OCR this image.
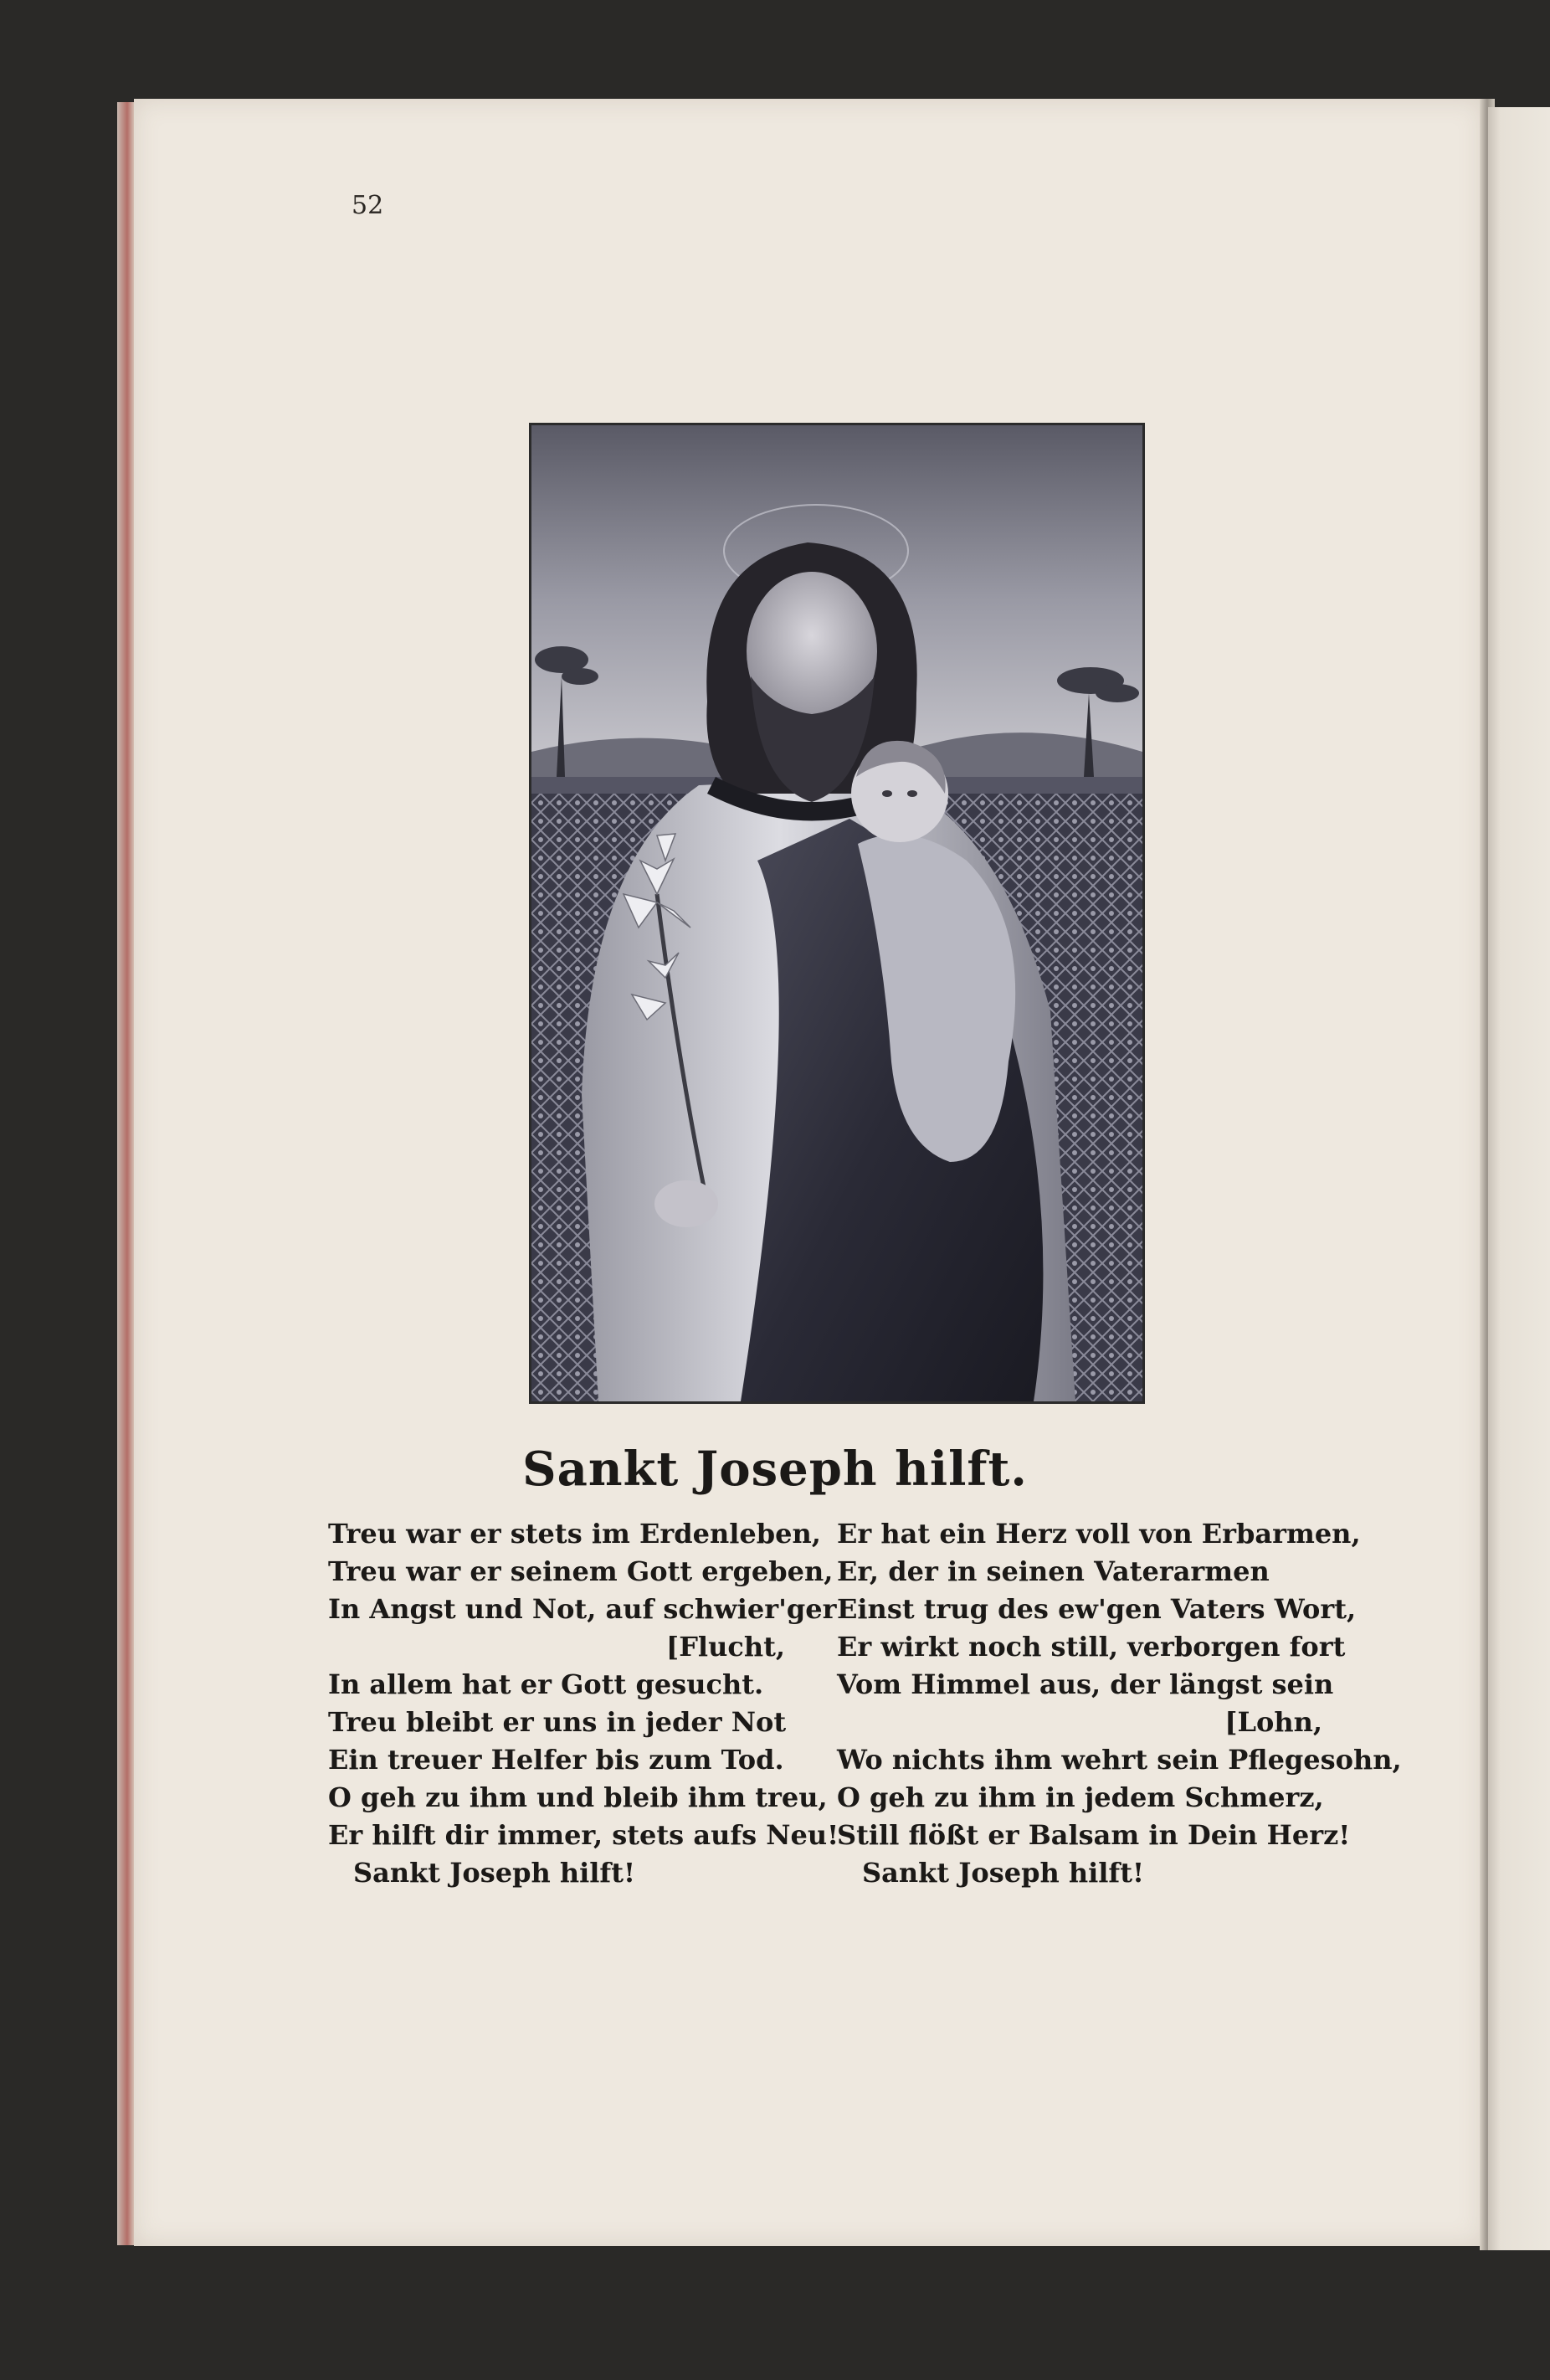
52
Sankt Joseph hilft.
Treu war er stets im Erdenleben,
Treu war er seinem Gott ergeben,
In Angst und Not, auf schwier'ger
[Flucht,
In allem hat er Gott gesucht.
Treu bleibt er uns in jeder Not
Ein treuer Helfer bis zum Tod.
O geh zu ihm und bleib ihm treu,
Er hilft dir immer, stets aufs Neu!
Sankt Joseph hilft!
Er hat ein Herz voll von Erbarmen,
Er, der in seinen Vaterarmen
Einst trug des ew'gen Vaters Wort,
Er wirkt noch still, verborgen fort
Vom Himmel aus, der längst sein
[Lohn,
Wo nichts ihm wehrt sein Pflegesohn,
O geh zu ihm in jedem Schmerz,
Still flößt er Balsam in Dein Herz!
Sankt Joseph hilft!
